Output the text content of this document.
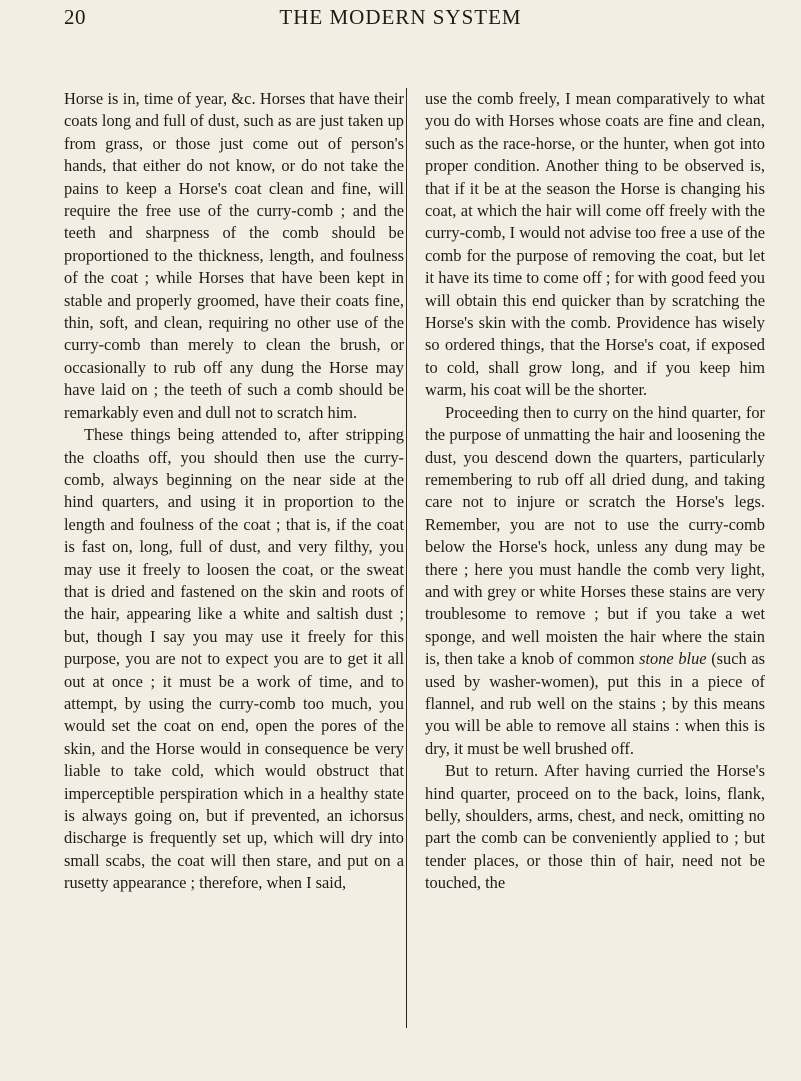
20	THE MODERN SYSTEM

Horse is in, time of year, &c. Horses that have their coats long and full of dust, such as are just taken up from grass, or those just come out of person's hands, that either do not know, or do not take the pains to keep a Horse's coat clean and fine, will require the free use of the curry-comb ; and the teeth and sharpness of the comb should be proportioned to the thickness, length, and foulness of the coat ; while Horses that have been kept in stable and properly groomed, have their coats fine, thin, soft, and clean, requiring no other use of the curry-comb than merely to clean the brush, or occasionally to rub off any dung the Horse may have laid on ; the teeth of such a comb should be remarkably even and dull not to scratch him.

These things being attended to, after stripping the cloaths off, you should then use the curry-comb, always beginning on the near side at the hind quarters, and using it in proportion to the length and foulness of the coat ; that is, if the coat is fast on, long, full of dust, and very filthy, you may use it freely to loosen the coat, or the sweat that is dried and fastened on the skin and roots of the hair, appearing like a white and saltish dust ; but, though I say you may use it freely for this purpose, you are not to expect you are to get it all out at once ; it must be a work of time, and to attempt, by using the curry-comb too much, you would set the coat on end, open the pores of the skin, and the Horse would in consequence be very liable to take cold, which would obstruct that imperceptible perspiration which in a healthy state is always going on, but if prevented, an ichorsus discharge is frequently set up, which will dry into small scabs, the coat will then stare, and put on a rusetty appearance ; therefore, when I said,

use the comb freely, I mean comparatively to what you do with Horses whose coats are fine and clean, such as the race-horse, or the hunter, when got into proper condition. Another thing to be observed is, that if it be at the season the Horse is changing his coat, at which the hair will come off freely with the curry-comb, I would not advise too free a use of the comb for the purpose of removing the coat, but let it have its time to come off ; for with good feed you will obtain this end quicker than by scratching the Horse's skin with the comb. Providence has wisely so ordered things, that the Horse's coat, if exposed to cold, shall grow long, and if you keep him warm, his coat will be the shorter.

Proceeding then to curry on the hind quarter, for the purpose of unmatting the hair and loosening the dust, you descend down the quarters, particularly remembering to rub off all dried dung, and taking care not to injure or scratch the Horse's legs. Remember, you are not to use the curry-comb below the Horse's hock, unless any dung may be there ; here you must handle the comb very light, and with grey or white Horses these stains are very troublesome to remove ; but if you take a wet sponge, and well moisten the hair where the stain is, then take a knob of common stone blue (such as used by washer-women), put this in a piece of flannel, and rub well on the stains ; by this means you will be able to remove all stains : when this is dry, it must be well brushed off.

But to return. After having curried the Horse's hind quarter, proceed on to the back, loins, flank, belly, shoulders, arms, chest, and neck, omitting no part the comb can be conveniently applied to ; but tender places, or those thin of hair, need not be touched, the
